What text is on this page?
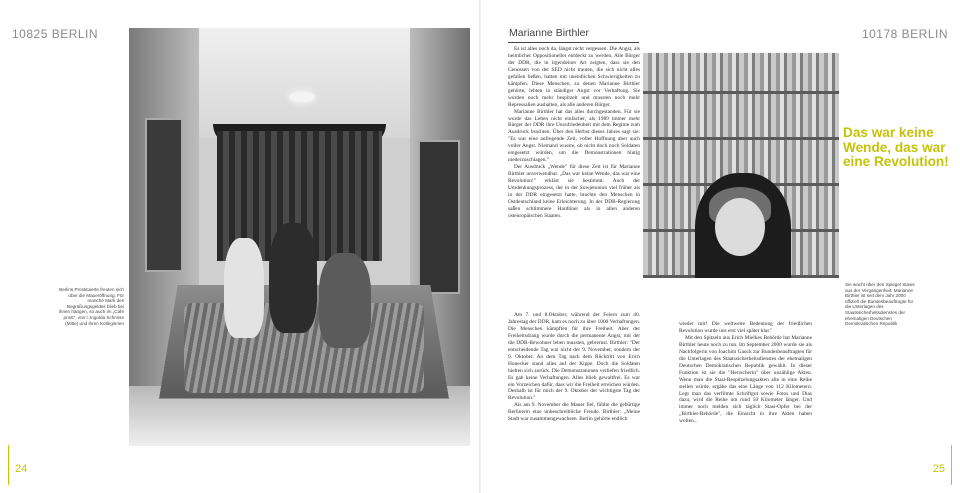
10825 BERLIN
Berlins Prostituierte freuten sich über die Maueröffnung. Für manche Mark des Begrüßungsgeldes blieb bei ihnen hängen, so auch im „Cafe prost“, von l.:Ingolda Schmise (Mitte) und ihren Kolleginnen
24
Marianne Birthler

Es ist alles noch da, längst nicht vergessen. Die Angst, als heimlicher Oppositioneller entdeckt zu werden. Alle Bürger der DDR, die in irgendeiner Art zeigten, dass sie den Genossen von der SED nicht trauten, die sich nicht alles gefallen ließen, hatten mit unendlichen Schwierigkeiten zu kämpfen. Diese Menschen, zu denen Marianne Birthler gehörte, lebten in ständiger Angst vor Verhaftung. Sie wurden noch mehr bespitzelt und mussten noch mehr Repressalien aushalten, als alle anderen Bürger.

Marianne Birthler hat das alles durchgestanden. Für sie wurde das Leben nicht einfacher, als 1989 immer mehr Bürger der DDR ihre Unzufriedenheit mit dem Regime zum Ausdruck brachten. Über den Herbst dieses Jahres sagt sie: "Es war eine aufregende Zeit, voller Hoffnung aber auch voller Angst. Niemand wusste, ob nicht doch noch Soldaten eingesetzt würden, um die Demonstrationen blutig niederzuschlagen."

Der Ausdruck „Wende" für diese Zeit ist für Marianne Birthler unverwendbar. „Das war keine Wende, das war eine Revolution!" erklärt sie bestimmt. Auch der Umdenkungsprozess, der in der Sowjetunion viel früher als in der DDR eingesetzt hatte, brachte den Menschen in Ostdeutschland keine Erleichterung. In der DDR-Regierung saßen schlimmere Hardliner als in allen anderen osteuropäischen Staaten.

Am 7. und 8.Oktober, während der Feiern zum 40. Jahrestag der DDR, kam es noch zu über 1000 Verhaftungen. Die Menschen kämpften für ihre Freiheit. Aber der Freiheitsdrang wurde durch die permanente Angst, mit der die DDR-Bewohner leben mussten, gebremst. Birthler: "Der entscheidende Tag war nicht der 9. November, sondern der 9. Oktober. An dem Tag nach dem Rücktritt von Erich Honecker stand alles auf der Kippe. Doch die Soldaten hielten sich zurück. Die Demonstrationen verliefen friedlich. Es gab keine Verhaftungen. Alles blieb gewaltfrei. Es war ein Vorzeichen dafür, dass wir die Freiheit erreichen würden. Deshalb ist für mich der 9. Oktober der wichtigste Tag der Revolution."

Als am 9. November die Mauer fiel, fühlte die gebürtige Berlinerin eine unbeschreibliche Freude. Birthler: „Meine Stadt war zusammengewachsen. Berlin gehörte endlich

wieder mir! Die weltweite Bedeutung der friedlichen Revolution wurde uns erst viel später klar."

Mit den Spitzeln aus Erich Mielkes Behörde hat Marianne Birthler heute noch zu tun. Im September 2000 wurde sie als Nachfolgerin von Joachim Gauck zur Bundesbeauftragten für die Unterlagen des Staatssicherheitsdienstes der ehemaligen Deutschen Demokratischen Republik gewählt. In dieser Funktion ist sie die "Herrscherin" über unzählige Akten. Wenn man die Stasi-Bespitzelungsakten alle in eine Reihe stellen würde, ergäbe das eine Länge von 112 Kilometern. Legt man das verfilmte Schriftgut sowie Fotos und Dias dazu, wird die Reihe um rund 50 Kilometer länger. Und immer noch melden sich täglich Stasi-Opfer bei der „Birthler-Behörde", die Einsicht in ihre Akten haben wollen...

10178 BERLIN
Das war keine Wende, das war eine Revolution!
Sie wacht über den Spiegel Stasis aus der Vergangenheit: Marianne Birthler ist seit dem Jahr 2000 offiziell die Bundesbeauftragte für die Unterlagen des Staatssicherheitsdienstes der ehemaligen Deutschen Demokratischen Republik
25
